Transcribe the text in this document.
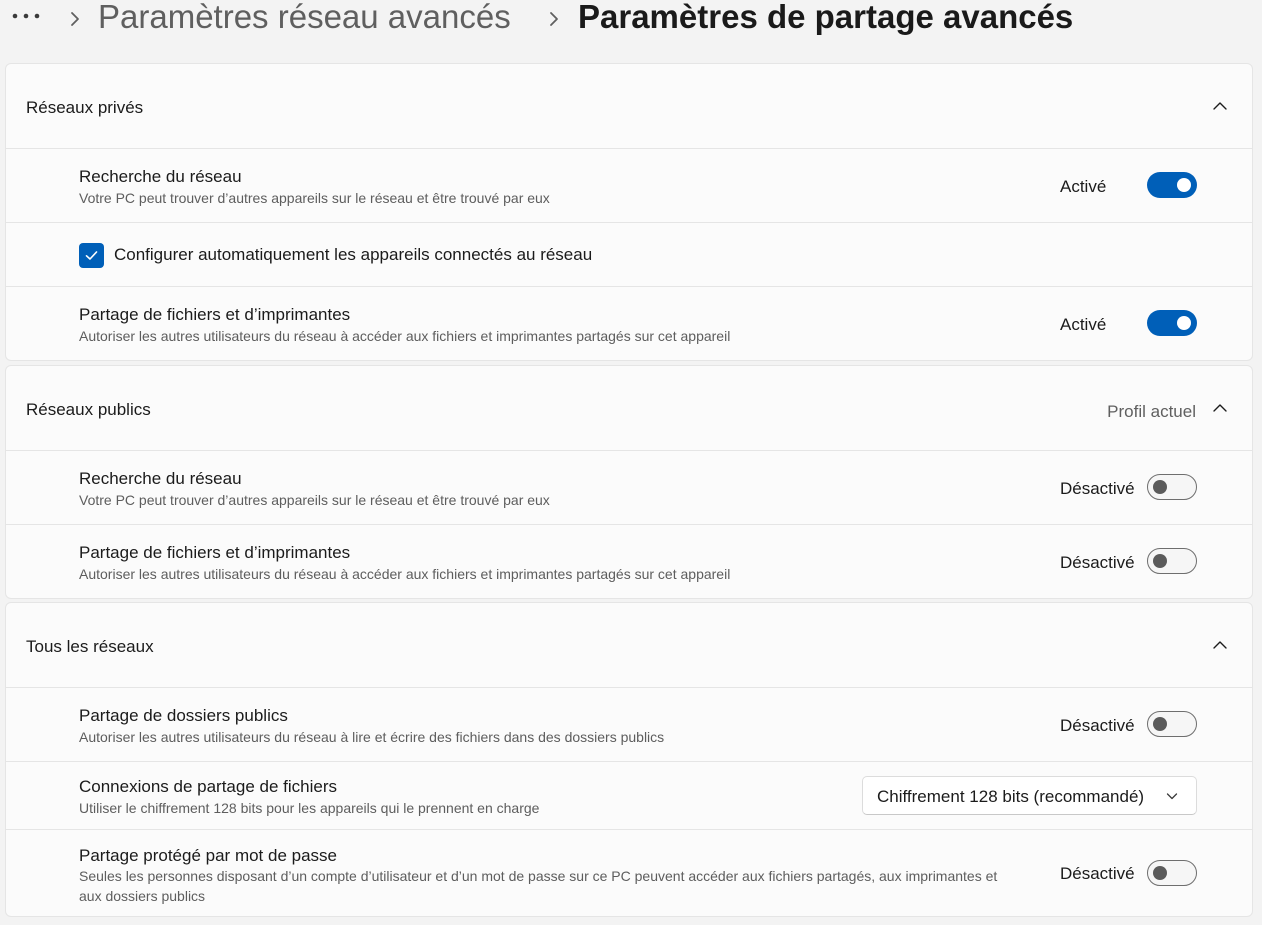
Paramètres réseau avancés Paramètres de partage avancés
Réseaux privés
Recherche du réseau
Votre PC peut trouver d’autres appareils sur le réseau et être trouvé par eux
Activé
Configurer automatiquement les appareils connectés au réseau
Partage de fichiers et d’imprimantes
Autoriser les autres utilisateurs du réseau à accéder aux fichiers et imprimantes partagés sur cet appareil
Activé
Réseaux publics	Profil actuel
Recherche du réseau
Votre PC peut trouver d’autres appareils sur le réseau et être trouvé par eux
Désactivé
Partage de fichiers et d’imprimantes
Autoriser les autres utilisateurs du réseau à accéder aux fichiers et imprimantes partagés sur cet appareil
Désactivé
Tous les réseaux
Partage de dossiers publics
Autoriser les autres utilisateurs du réseau à lire et écrire des fichiers dans des dossiers publics
Désactivé
Connexions de partage de fichiers
Utiliser le chiffrement 128 bits pour les appareils qui le prennent en charge
Chiffrement 128 bits (recommandé)
Partage protégé par mot de passe
Seules les personnes disposant d’un compte d’utilisateur et d’un mot de passe sur ce PC peuvent accéder aux fichiers partagés, aux imprimantes et aux dossiers publics
Désactivé
